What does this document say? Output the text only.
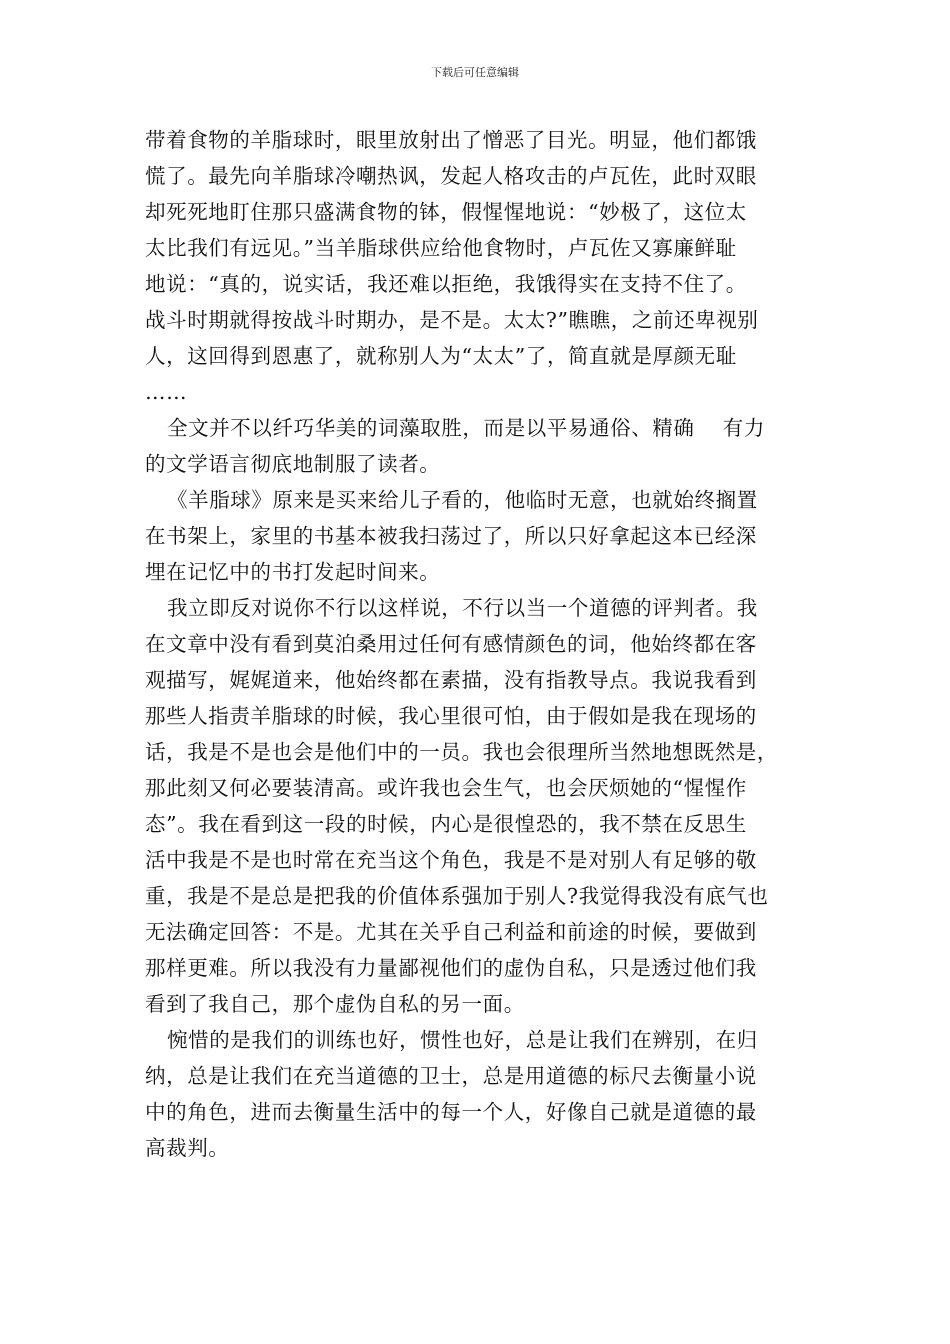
下载后可任意编辑

带着食物的羊脂球时，眼里放射出了憎恶了目光。明显，他们都饿
慌了。最先向羊脂球冷嘲热讽，发起人格攻击的卢瓦佐，此时双眼
却死死地盯住那只盛满食物的钵，假惺惺地说：“妙极了，这位太
太比我们有远见。”当羊脂球供应给他食物时，卢瓦佐又寡廉鲜耻
地说：“真的，说实话，我还难以拒绝，我饿得实在支持不住了。
战斗时期就得按战斗时期办，是不是。太太?”瞧瞧，之前还卑视别
人，这回得到恩惠了，就称别人为“太太”了，简直就是厚颜无耻
……

全文并不以纤巧华美的词藻取胜，而是以平易通俗、精确　 有力
的文学语言彻底地制服了读者。

《羊脂球》原来是买来给儿子看的，他临时无意，也就始终搁置
在书架上，家里的书基本被我扫荡过了，所以只好拿起这本已经深
埋在记忆中的书打发起时间来。

我立即反对说你不行以这样说，不行以当一个道德的评判者。我
在文章中没有看到莫泊桑用过任何有感情颜色的词，他始终都在客
观描写，娓娓道来，他始终都在素描，没有指教导点。我说我看到
那些人指责羊脂球的时候，我心里很可怕，由于假如是我在现场的
话，我是不是也会是他们中的一员。我也会很理所当然地想既然是，
那此刻又何必要装清高。或许我也会生气，也会厌烦她的“惺惺作
态”。我在看到这一段的时候，内心是很惶恐的，我不禁在反思生
活中我是不是也时常在充当这个角色，我是不是对别人有足够的敬
重，我是不是总是把我的价值体系强加于别人?我觉得我没有底气也
无法确定回答：不是。尤其在关乎自己利益和前途的时候，要做到
那样更难。所以我没有力量鄙视他们的虚伪自私，只是透过他们我
看到了我自己，那个虚伪自私的另一面。

惋惜的是我们的训练也好，惯性也好，总是让我们在辨别，在归
纳，总是让我们在充当道德的卫士，总是用道德的标尺去衡量小说
中的角色，进而去衡量生活中的每一个人，好像自己就是道德的最
高裁判。
